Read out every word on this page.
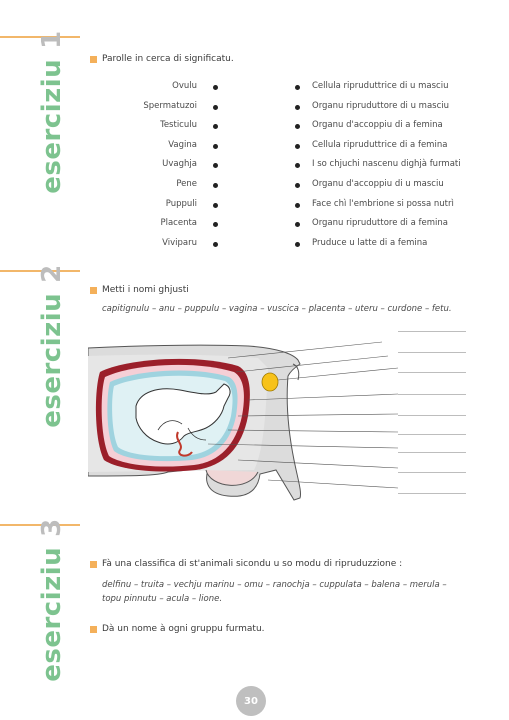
eserciziu1
eserciziu2
eserciziu3
Parolle in cerca di significatu.
Ovulu
Spermatuzoi
Testiculu
Vagina
Uvaghja
Pene
Puppuli
Placenta
Viviparu
Cellula ripruduttrice di u masciu
Organu ripruduttore di u masciu
Organu d'accoppiu di a femina
Cellula ripruduttrice di a femina
I so chjuchi nascenu dighjà furmati
Organu d'accoppiu di u masciu
Face chì l'embrione si possa nutrì
Organu ripruduttore di a femina
Pruduce u latte di a femina
Metti i nomi ghjusti
capitignulu – anu – puppulu – vagina – vuscica – placenta – uteru – curdone – fetu.
Fà una classifica di st'animali sicondu u so modu di ripruduzzione :
delfinu – truita – vechju marinu – omu – ranochja – cuppulata – balena – merula –
topu pinnutu – acula – lione.
Dà un nome à ogni gruppu furmatu.
30
